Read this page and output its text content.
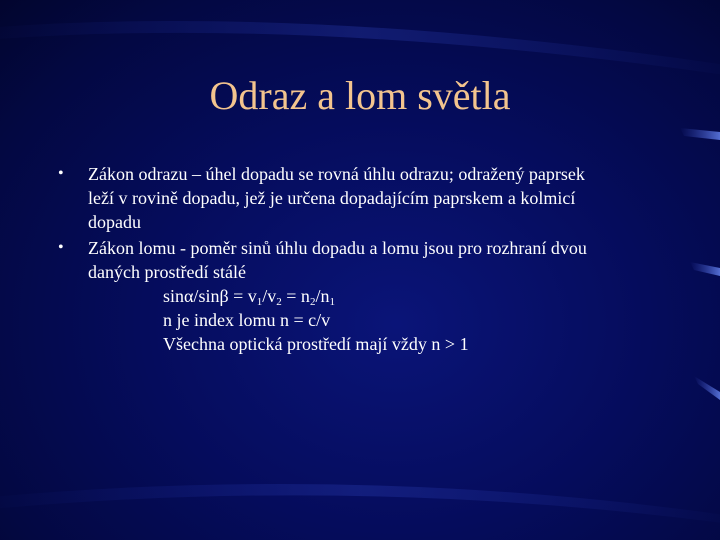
Odraz a lom světla
• Zákon odrazu – úhel dopadu se rovná úhlu odrazu; odražený paprsek
leží v rovině dopadu, jež je určena dopadajícím paprskem a kolmicí
dopadu
• Zákon lomu - poměr sinů úhlu dopadu a lomu jsou pro rozhraní dvou
daných prostředí stálé
$\sin\alpha/\sin\beta = v_1/v_2 = n_2/n_1$
n je index lomu n = c/v
Všechna optická prostředí mají vždy n > 1
